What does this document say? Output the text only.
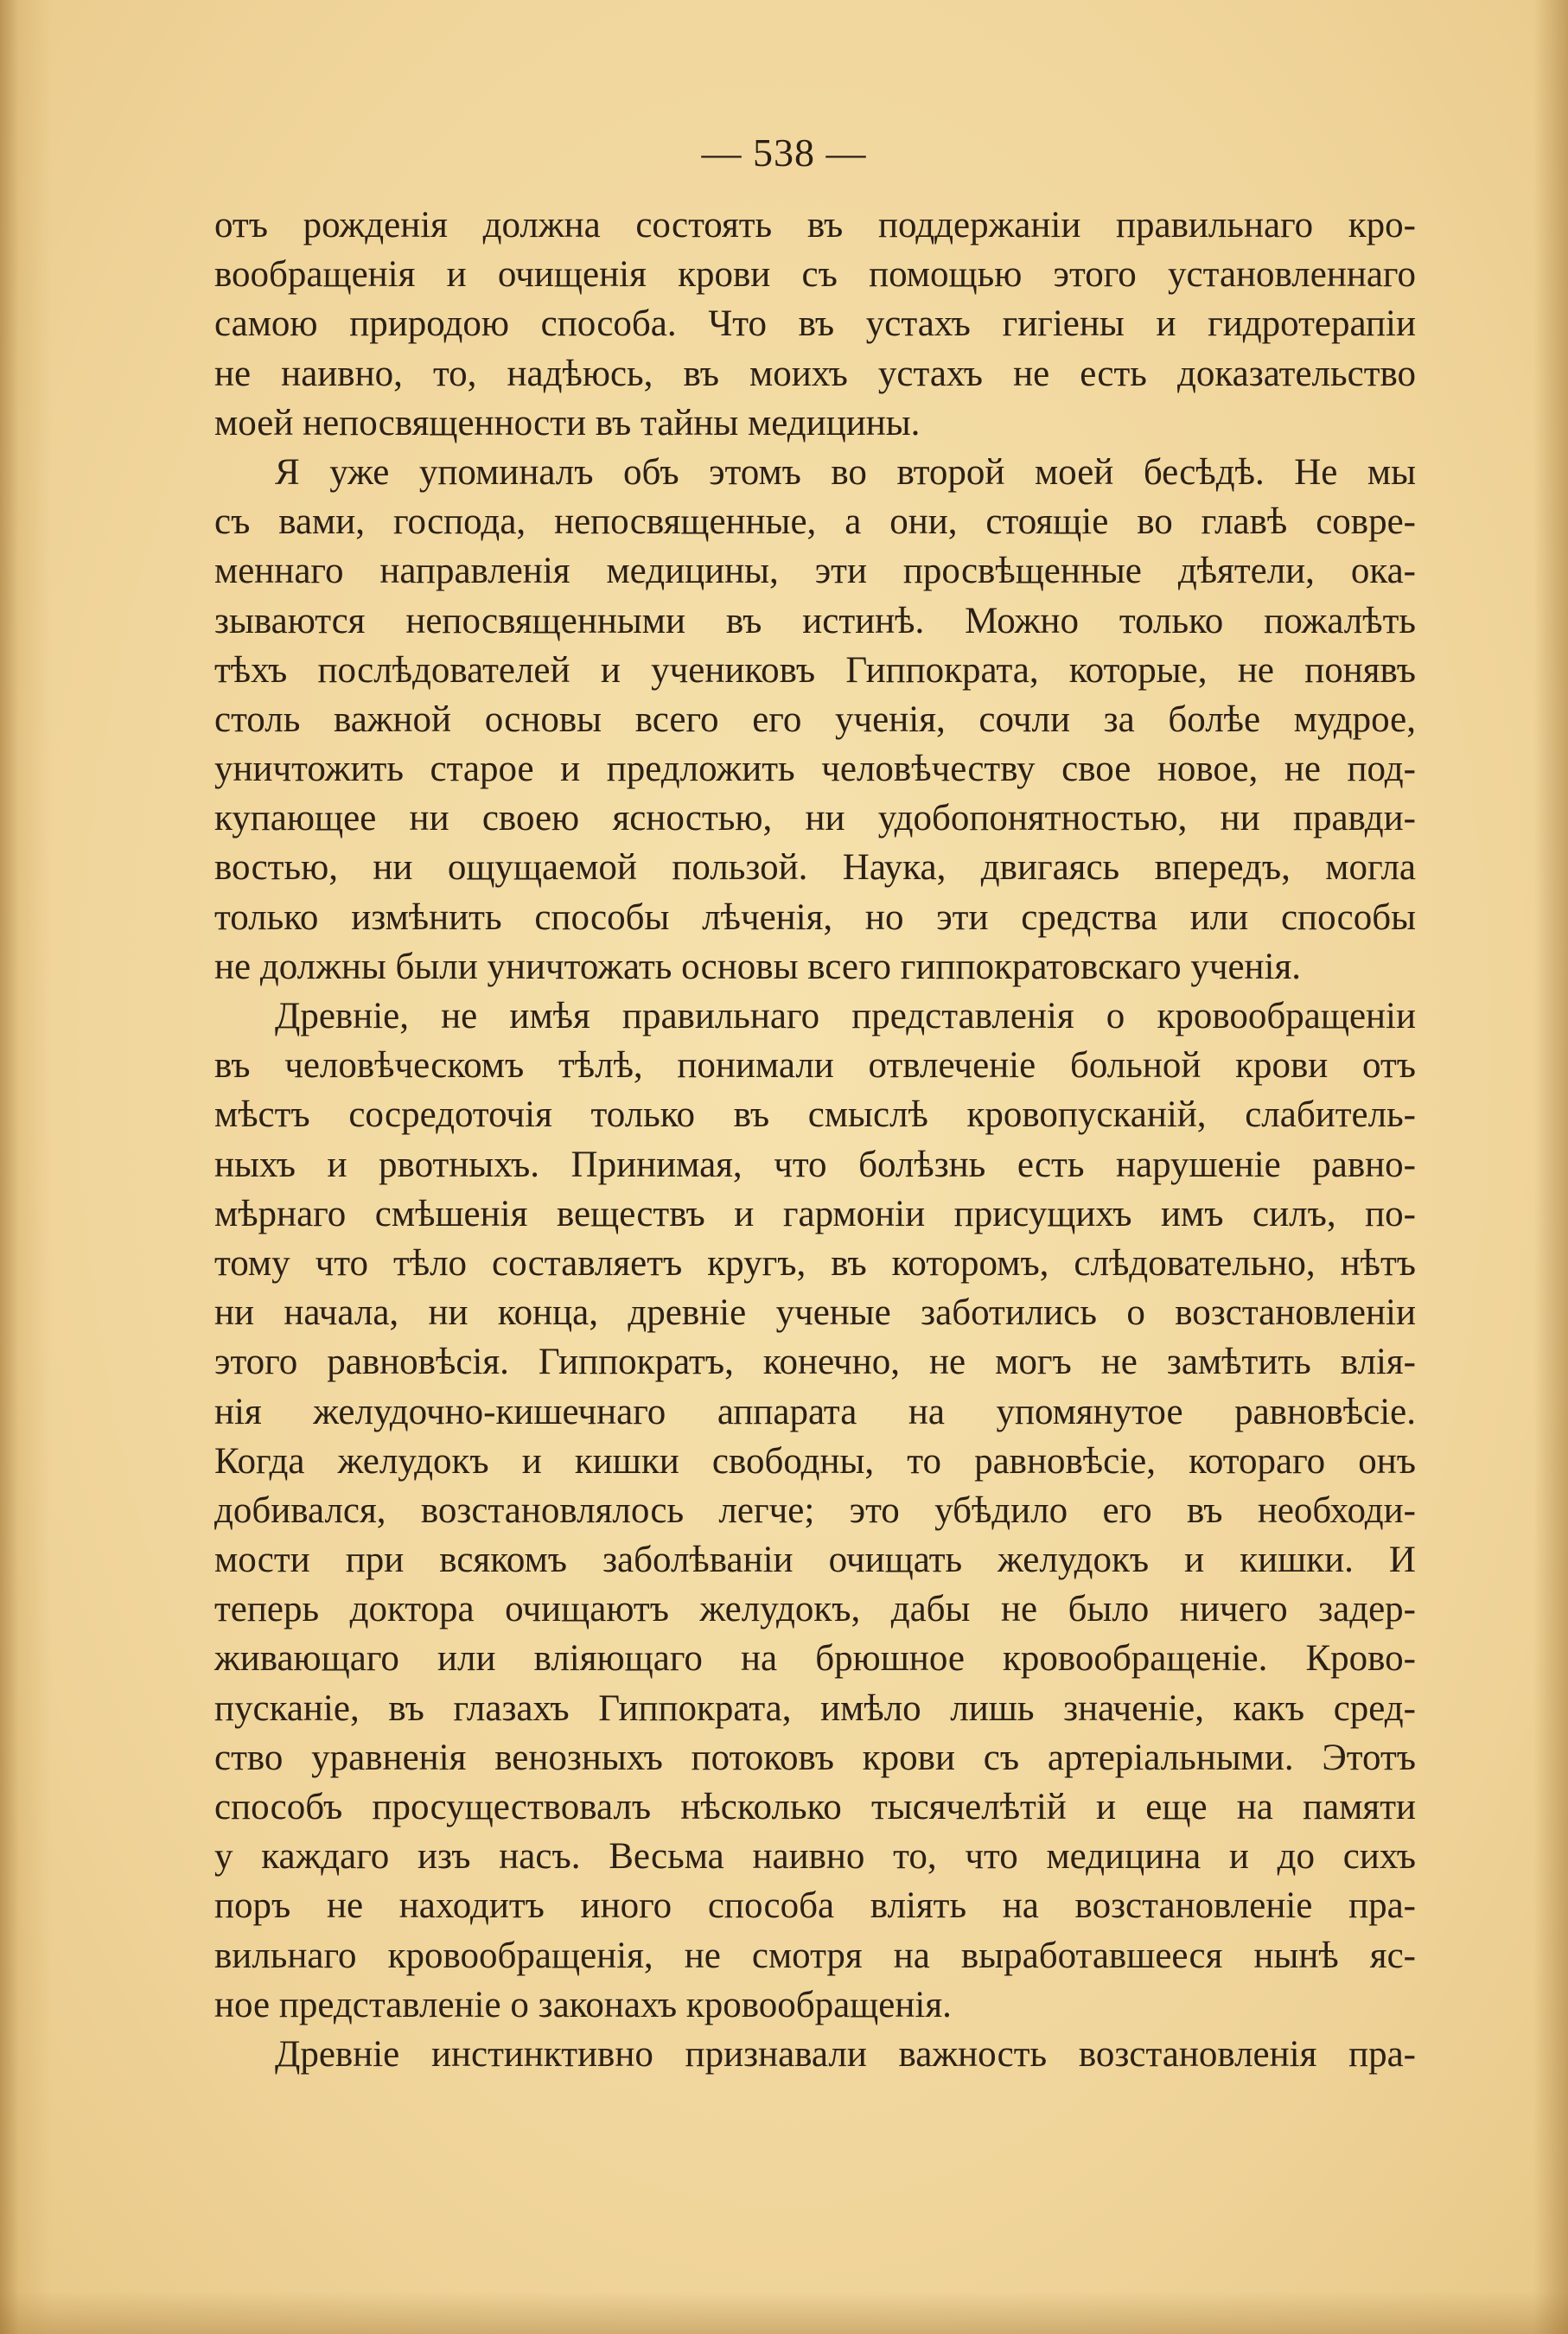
— 538 —
отъ рожденія должна состоять въ поддержаніи правильнаго кро-
вообращенія и очищенія крови съ помощью этого установленнаго
самою природою способа. Что въ устахъ гигіены и гидротерапіи
не наивно, то, надѣюсь, въ моихъ устахъ не есть доказательство
моей непосвященности въ тайны медицины.
Я уже упоминалъ объ этомъ во второй моей бесѣдѣ. Не мы
съ вами, господа, непосвященные, а они, стоящіе во главѣ совре-
меннаго направленія медицины, эти просвѣщенные дѣятели, ока-
зываются непосвященными въ истинѣ. Можно только пожалѣть
тѣхъ послѣдователей и учениковъ Гиппократа, которые, не понявъ
столь важной основы всего его ученія, сочли за болѣе мудрое,
уничтожить старое и предложить человѣчеству свое новое, не под-
купающее ни своею ясностью, ни удобопонятностью, ни правди-
востью, ни ощущаемой пользой. Наука, двигаясь впередъ, могла
только измѣнить способы лѣченія, но эти средства или способы
не должны были уничтожать основы всего гиппократовскаго ученія.
Древніе, не имѣя правильнаго представленія о кровообращеніи
въ человѣческомъ тѣлѣ, понимали отвлеченіе больной крови отъ
мѣстъ сосредоточія только въ смыслѣ кровопусканій, слабитель-
ныхъ и рвотныхъ. Принимая, что болѣзнь есть нарушеніе равно-
мѣрнаго смѣшенія веществъ и гармоніи присущихъ имъ силъ, по-
тому что тѣло составляетъ кругъ, въ которомъ, слѣдовательно, нѣтъ
ни начала, ни конца, древніе ученые заботились о возстановленіи
этого равновѣсія. Гиппократъ, конечно, не могъ не замѣтить влія-
нія желудочно-кишечнаго аппарата на упомянутое равновѣсіе.
Когда желудокъ и кишки свободны, то равновѣсіе, котораго онъ
добивался, возстановлялось легче; это убѣдило его въ необходи-
мости при всякомъ заболѣваніи очищать желудокъ и кишки. И
теперь доктора очищаютъ желудокъ, дабы не было ничего задер-
живающаго или вліяющаго на брюшное кровообращеніе. Крово-
пусканіе, въ глазахъ Гиппократа, имѣло лишь значеніе, какъ сред-
ство уравненія венозныхъ потоковъ крови съ артеріальными. Этотъ
способъ просуществовалъ нѣсколько тысячелѣтій и еще на памяти
у каждаго изъ насъ. Весьма наивно то, что медицина и до сихъ
поръ не находитъ иного способа вліять на возстановленіе пра-
вильнаго кровообращенія, не смотря на выработавшееся нынѣ яс-
ное представленіе о законахъ кровообращенія.
Древніе инстинктивно признавали важность возстановленія пра-
